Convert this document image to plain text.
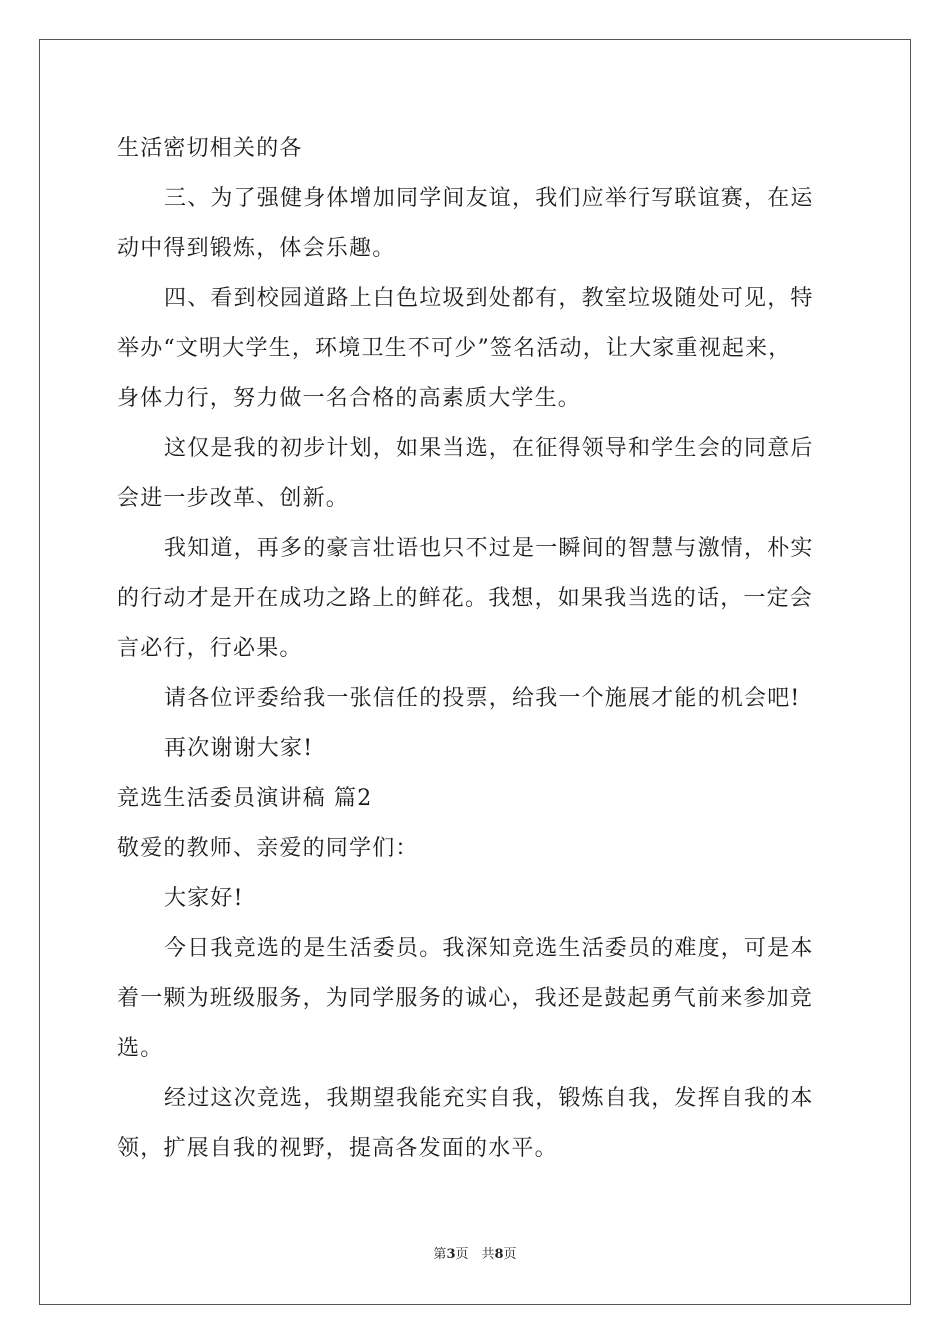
生活密切相关的各
三、为了强健身体增加同学间友谊，我们应举行写联谊赛，在运
动中得到锻炼，体会乐趣。
四、看到校园道路上白色垃圾到处都有，教室垃圾随处可见，特
举办“文明大学生，环境卫生不可少”签名活动，让大家重视起来，
身体力行，努力做一名合格的高素质大学生。
这仅是我的初步计划，如果当选，在征得领导和学生会的同意后
会进一步改革、创新。
我知道，再多的豪言壮语也只不过是一瞬间的智慧与激情，朴实
的行动才是开在成功之路上的鲜花。我想，如果我当选的话，一定会
言必行，行必果。
请各位评委给我一张信任的投票，给我一个施展才能的机会吧!
再次谢谢大家!
竞选生活委员演讲稿 篇2
敬爱的教师、亲爱的同学们：
大家好!
今日我竞选的是生活委员。我深知竞选生活委员的难度，可是本
着一颗为班级服务，为同学服务的诚心，我还是鼓起勇气前来参加竞
选。
经过这次竞选，我期望我能充实自我，锻炼自我，发挥自我的本
领，扩展自我的视野，提高各发面的水平。
第3页　共8页
